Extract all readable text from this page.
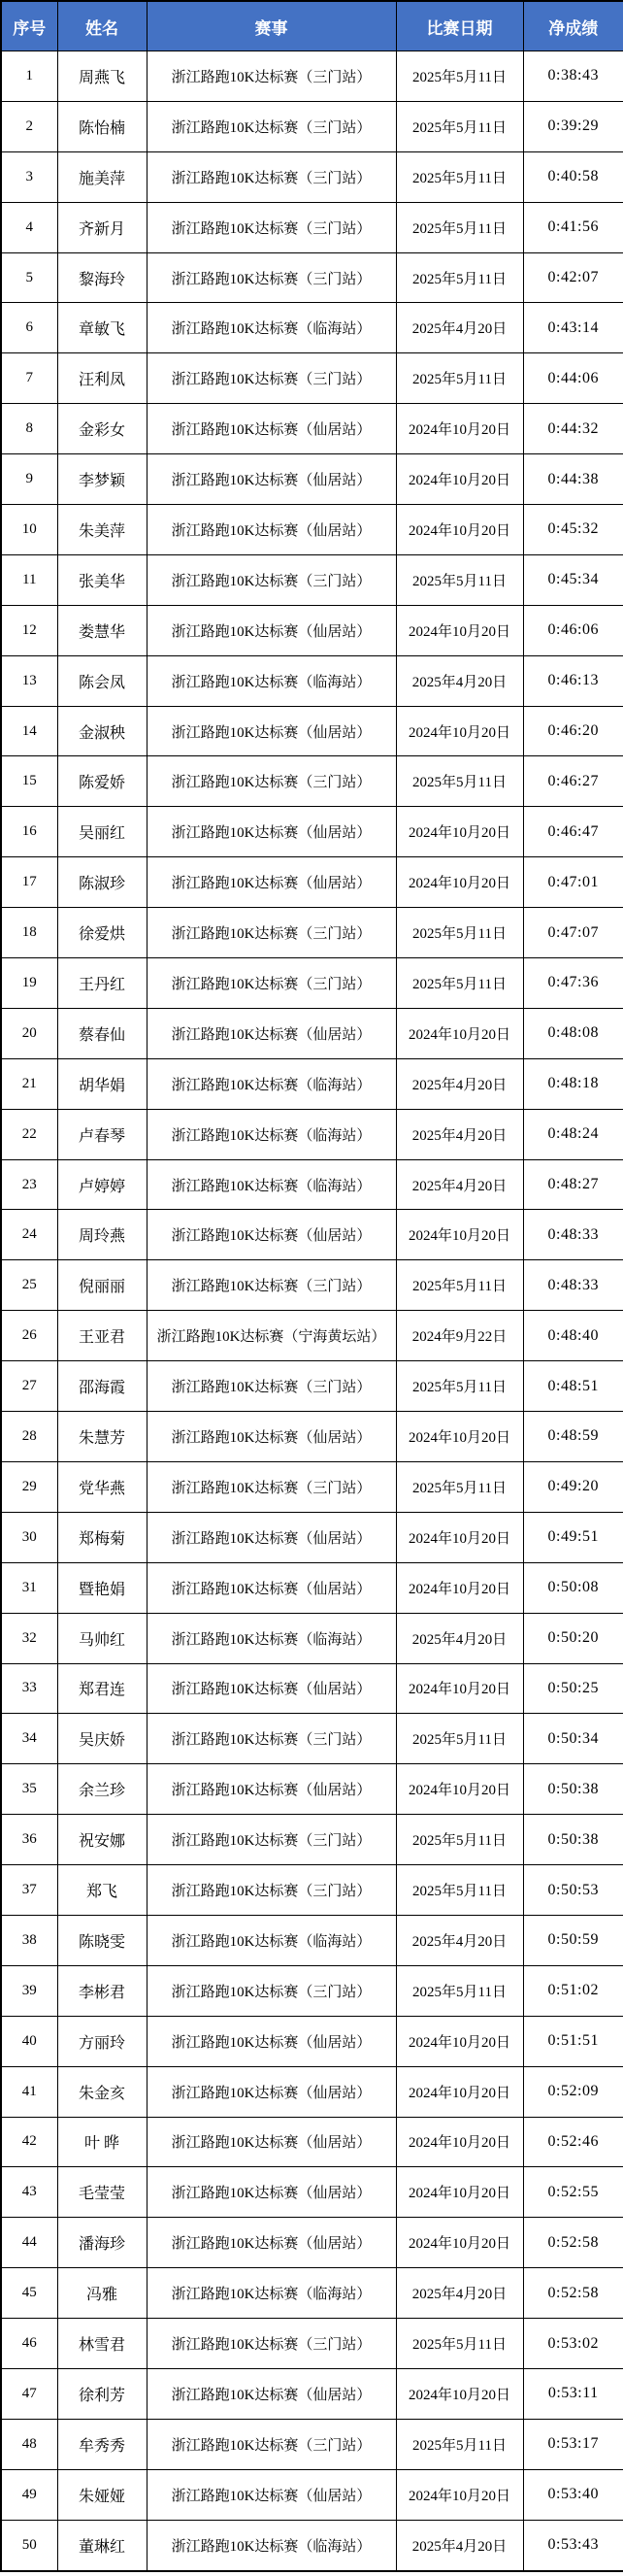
序号	姓名	赛事	比赛日期	净成绩
1	周燕飞	浙江路跑10K达标赛（三门站）	2025年5月11日	0:38:43
2	陈怡楠	浙江路跑10K达标赛（三门站）	2025年5月11日	0:39:29
3	施美萍	浙江路跑10K达标赛（三门站）	2025年5月11日	0:40:58
4	齐新月	浙江路跑10K达标赛（三门站）	2025年5月11日	0:41:56
5	黎海玲	浙江路跑10K达标赛（三门站）	2025年5月11日	0:42:07
6	章敏飞	浙江路跑10K达标赛（临海站）	2025年4月20日	0:43:14
7	汪利凤	浙江路跑10K达标赛（三门站）	2025年5月11日	0:44:06
8	金彩女	浙江路跑10K达标赛（仙居站）	2024年10月20日	0:44:32
9	李梦颖	浙江路跑10K达标赛（仙居站）	2024年10月20日	0:44:38
10	朱美萍	浙江路跑10K达标赛（仙居站）	2024年10月20日	0:45:32
11	张美华	浙江路跑10K达标赛（三门站）	2025年5月11日	0:45:34
12	娄慧华	浙江路跑10K达标赛（仙居站）	2024年10月20日	0:46:06
13	陈会凤	浙江路跑10K达标赛（临海站）	2025年4月20日	0:46:13
14	金淑秧	浙江路跑10K达标赛（仙居站）	2024年10月20日	0:46:20
15	陈爱娇	浙江路跑10K达标赛（三门站）	2025年5月11日	0:46:27
16	吴丽红	浙江路跑10K达标赛（仙居站）	2024年10月20日	0:46:47
17	陈淑珍	浙江路跑10K达标赛（仙居站）	2024年10月20日	0:47:01
18	徐爱烘	浙江路跑10K达标赛（三门站）	2025年5月11日	0:47:07
19	王丹红	浙江路跑10K达标赛（三门站）	2025年5月11日	0:47:36
20	蔡春仙	浙江路跑10K达标赛（仙居站）	2024年10月20日	0:48:08
21	胡华娟	浙江路跑10K达标赛（临海站）	2025年4月20日	0:48:18
22	卢春琴	浙江路跑10K达标赛（临海站）	2025年4月20日	0:48:24
23	卢婷婷	浙江路跑10K达标赛（临海站）	2025年4月20日	0:48:27
24	周玲燕	浙江路跑10K达标赛（仙居站）	2024年10月20日	0:48:33
25	倪丽丽	浙江路跑10K达标赛（三门站）	2025年5月11日	0:48:33
26	王亚君	浙江路跑10K达标赛（宁海黄坛站）	2024年9月22日	0:48:40
27	邵海霞	浙江路跑10K达标赛（三门站）	2025年5月11日	0:48:51
28	朱慧芳	浙江路跑10K达标赛（仙居站）	2024年10月20日	0:48:59
29	党华燕	浙江路跑10K达标赛（三门站）	2025年5月11日	0:49:20
30	郑梅菊	浙江路跑10K达标赛（仙居站）	2024年10月20日	0:49:51
31	暨艳娟	浙江路跑10K达标赛（仙居站）	2024年10月20日	0:50:08
32	马帅红	浙江路跑10K达标赛（临海站）	2025年4月20日	0:50:20
33	郑君连	浙江路跑10K达标赛（仙居站）	2024年10月20日	0:50:25
34	吴庆娇	浙江路跑10K达标赛（三门站）	2025年5月11日	0:50:34
35	余兰珍	浙江路跑10K达标赛（仙居站）	2024年10月20日	0:50:38
36	祝安娜	浙江路跑10K达标赛（三门站）	2025年5月11日	0:50:38
37	郑飞	浙江路跑10K达标赛（三门站）	2025年5月11日	0:50:53
38	陈晓雯	浙江路跑10K达标赛（临海站）	2025年4月20日	0:50:59
39	李彬君	浙江路跑10K达标赛（三门站）	2025年5月11日	0:51:02
40	方丽玲	浙江路跑10K达标赛（仙居站）	2024年10月20日	0:51:51
41	朱金亥	浙江路跑10K达标赛（仙居站）	2024年10月20日	0:52:09
42	叶 晔	浙江路跑10K达标赛（仙居站）	2024年10月20日	0:52:46
43	毛莹莹	浙江路跑10K达标赛（仙居站）	2024年10月20日	0:52:55
44	潘海珍	浙江路跑10K达标赛（仙居站）	2024年10月20日	0:52:58
45	冯雅	浙江路跑10K达标赛（临海站）	2025年4月20日	0:52:58
46	林雪君	浙江路跑10K达标赛（三门站）	2025年5月11日	0:53:02
47	徐利芳	浙江路跑10K达标赛（仙居站）	2024年10月20日	0:53:11
48	牟秀秀	浙江路跑10K达标赛（三门站）	2025年5月11日	0:53:17
49	朱娅娅	浙江路跑10K达标赛（仙居站）	2024年10月20日	0:53:40
50	董琳红	浙江路跑10K达标赛（临海站）	2025年4月20日	0:53:43
